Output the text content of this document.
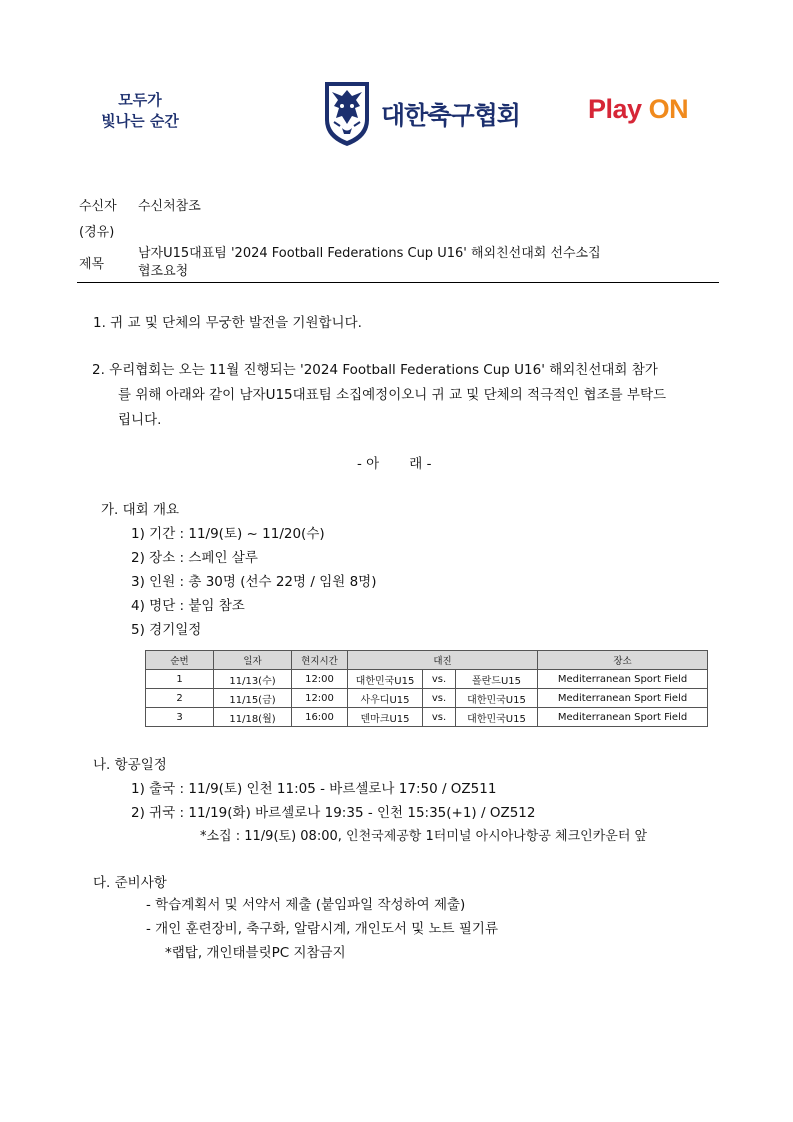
모두가
빛나는 순간	대한축구협회	Play ON
수신자 수신처참조
(경유)
제목
남자U15대표팀 '2024 Football Federations Cup U16' 해외친선대회 선수소집
협조요청
1. 귀 교 및 단체의 무궁한 발전을 기원합니다.
2. 우리협회는 오는 11월 진행되는 '2024 Football Federations Cup U16' 해외친선대회 참가
를 위해 아래와 같이 남자U15대표팀 소집예정이오니 귀 교 및 단체의 적극적인 협조를 부탁드
립니다.
- 아       래 -
가. 대회 개요
1) 기간 : 11/9(토) ~ 11/20(수)
2) 장소 : 스페인 살루
3) 인원 : 총 30명 (선수 22명 / 임원 8명)
4) 명단 : 붙임 참조
5) 경기일정
순번	일자	현지시간	대진			장소
1	11/13(수)	12:00	대한민국U15	vs.	폴란드U15	Mediterranean Sport Field
2	11/15(금)	12:00	사우디U15	vs.	대한민국U15	Mediterranean Sport Field
3	11/18(월)	16:00	덴마크U15	vs.	대한민국U15	Mediterranean Sport Field
나. 항공일정
1) 출국 : 11/9(토) 인천 11:05 - 바르셀로나 17:50 / OZ511
2) 귀국 : 11/19(화) 바르셀로나 19:35 - 인천 15:35(+1) / OZ512
*소집 : 11/9(토) 08:00, 인천국제공항 1터미널 아시아나항공 체크인카운터 앞
다. 준비사항
- 학습계획서 및 서약서 제출 (붙임파일 작성하여 제출)
- 개인 훈련장비, 축구화, 알람시계, 개인도서 및 노트 필기류
*랩탑, 개인태블릿PC 지참금지
